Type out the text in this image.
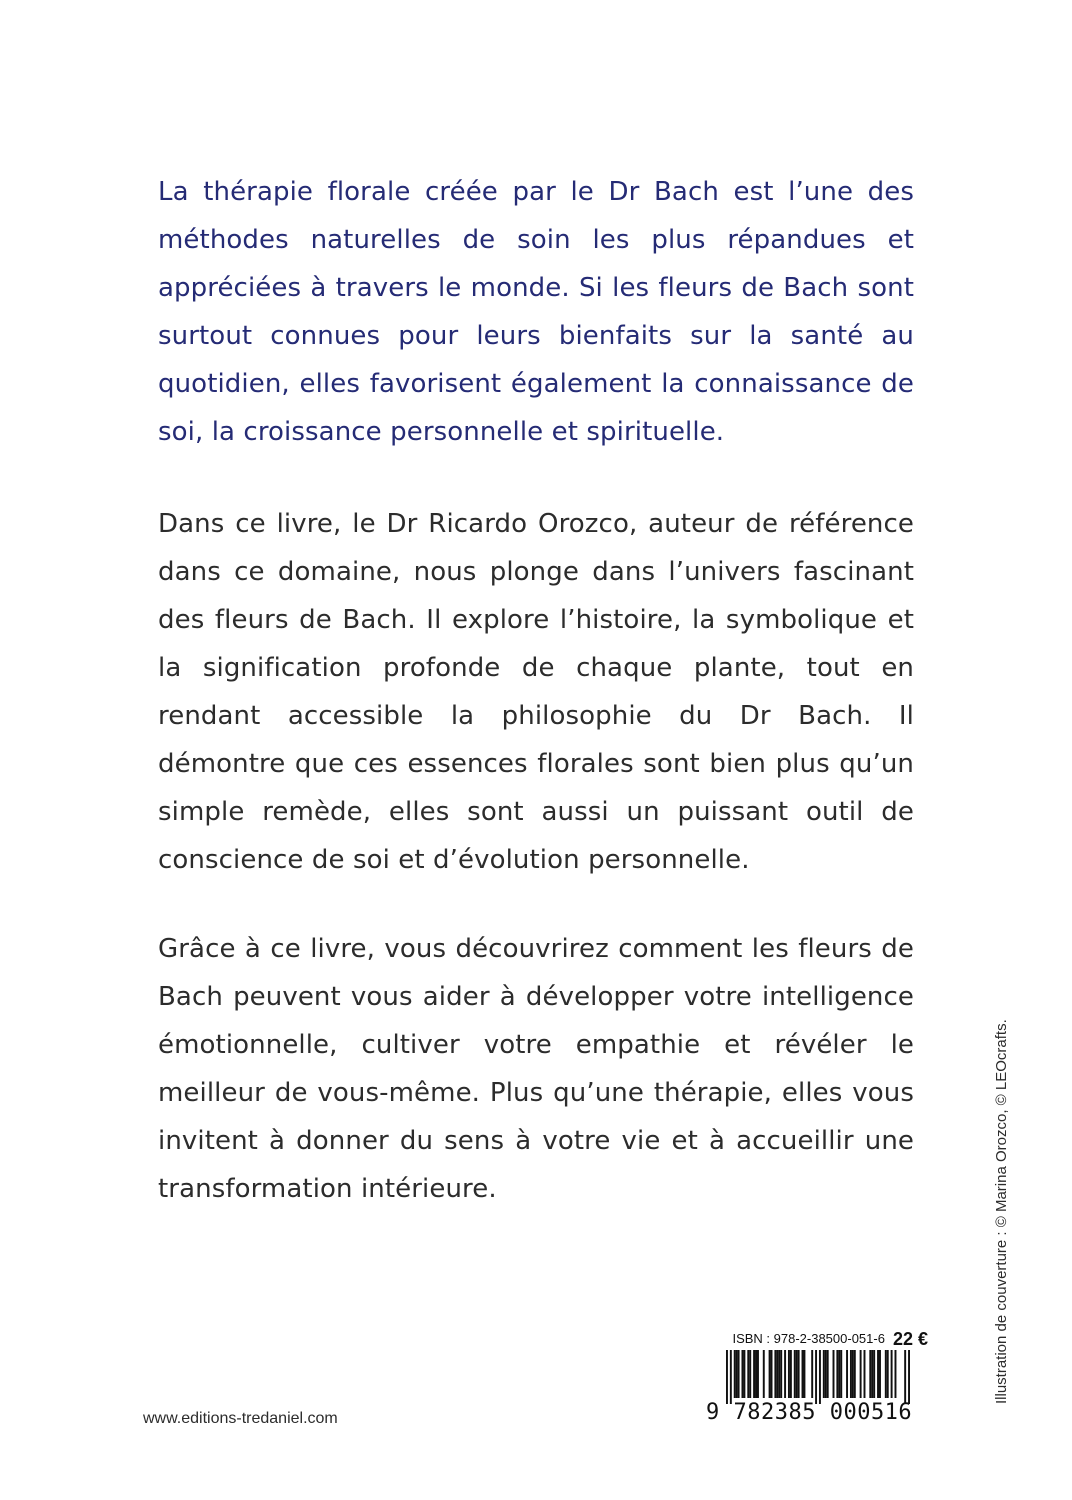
La thérapie florale créée par le Dr Bach est l’une des méthodes naturelles de soin les plus répandues et appréciées à travers le monde. Si les fleurs de Bach sont surtout connues pour leurs bienfaits sur la santé au quotidien, elles favorisent également la connaissance de soi, la croissance personnelle et spirituelle.

Dans ce livre, le Dr Ricardo Orozco, auteur de référence dans ce domaine, nous plonge dans l’univers fascinant des fleurs de Bach. Il explore l’histoire, la symbolique et la signification profonde de chaque plante, tout en rendant accessible la philosophie du Dr Bach. Il démontre que ces essences florales sont bien plus qu’un simple remède, elles sont aussi un puissant outil de conscience de soi et d’évolution personnelle.

Grâce à ce livre, vous découvrirez comment les fleurs de Bach peuvent vous aider à développer votre intelligence émotionnelle, cultiver votre empathie et révéler le meilleur de vous-même. Plus qu’une thérapie, elles vous invitent à donner du sens à votre vie et à accueillir une transformation intérieure.

www.editions-tredaniel.com
Illustration de couverture : © Marina Orozco, © LEOcrafts.
ISBN : 978-2-38500-051-6 22 €
9 782385 000516
